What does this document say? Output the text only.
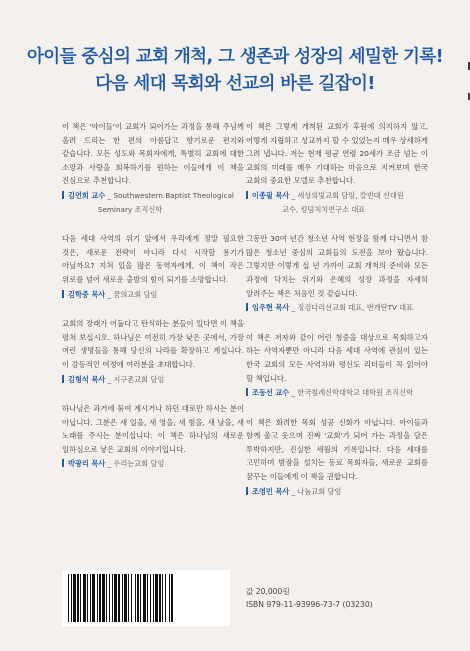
아이들 중심의 교회 개척, 그 생존과 성장의 세밀한 기록!
다음 세대 목회와 선교의 바른 길잡이!

이 책은 '아이들'이 교회가 되어가는 과정을 통해 주님께 올려 드리는 한 편의 아름답고 향기로운 편지와 같습니다. 모든 성도와 목회자에게, 특별히 교회에 대한 소망과 사랑을 회복하기를 원하는 이들에게 이 책을 진심으로 추천합니다.

김연희 교수 _ Southwestern Baptist Theological
Seminary 조직신학

다음 세대 사역의 위기 앞에서 우리에게 정말 필요한 것은, 새로운 전략이 아니라 다시 시작할 용기가 아닐까요? 지쳐 있을 많은 동역자에게, 이 책이 작은 위로를 넘어 새로운 출발의 힘이 되기를 소망합니다.

김학중 목사 _ 꿈의교회 담임

교회의 장래가 어둡다고 탄식하는 분들이 있다면 이 책을 펼쳐 보십시오. 하나님은 여전히 가장 낮은 곳에서, 가장 어린 생명들을 통해 당신의 나라를 확장하고 계십니다. 이 감동적인 여정에 여러분을 초대합니다.

김형석 목사 _ 지구촌교회 담임

하나님은 과거에 묶여 계시거나 하던 대로만 하시는 분이 아닙니다. 그분은 새 일을, 새 영을, 새 힘을, 새 날을, 새 노래를 주시는 분이십니다. 이 책은 하나님의 새로운 일하심으로 낳은 교회의 이야기입니다.

박광리 목사 _ 우리는교회 담임

이 책은 그렇게 개척된 교회가 후원에 의지하지 않고, 어떻게 자립하고 성교까지 할 수 있었는지 매우 상세하게 그려 냅니다. 저는 현재 평균 연령 20세가 조금 넘는 이 교회의 미래를 매우 기대하는 마음으로 지켜보며 한국 교회의 중요한 모델로 추천합니다.

이종필 목사 _ 세상의빛교회 담임, 칼빈대 신대원
교수, 킹덤처치연구소 대표

그동안 30여 년간 청소년 사역 현장을 함께 다니면서 참 많은 청소년 중심의 교회들의 도전을 보아 왔습니다. 그렇지만 이렇게 십 년 가까이 교회 개척의 준비와 모든 과정에 닥치는 위기와 은혜의 성장 과정을 자세히 알려주는 책은 처음인 것 같습니다.

임우현 목사 _ 징검다리선교회 대표, 번개탄TV 대표

이 책은 저자와 같이 어린 청중을 대상으로 목회하고자 하는 사역자뿐만 아니라 다음 세대 사역에 관심이 있는 한국 교회의 모든 사역자와 평신도 리더들이 꼭 읽어야 할 책입니다.

조동선 교수 _ 한국침례신학대학교 대학원 조직신학

이 책은 화려한 목회 성공 신화가 아닙니다. 아이들과 함께 울고 웃으며 진짜 '교회'가 되어 가는 과정을 담은 투박하지만, 진실한 세월의 기록입니다. 다음 세대를 고민하며 밤잠을 설치는 동료 목회자들, 새로운 교회를 꿈꾸는 이들에게 이 책을 권합니다.

조영민 목사 _ 나눔교회 담임

값 20,000원
ISBN 979-11-93996-73-7 (03230)
